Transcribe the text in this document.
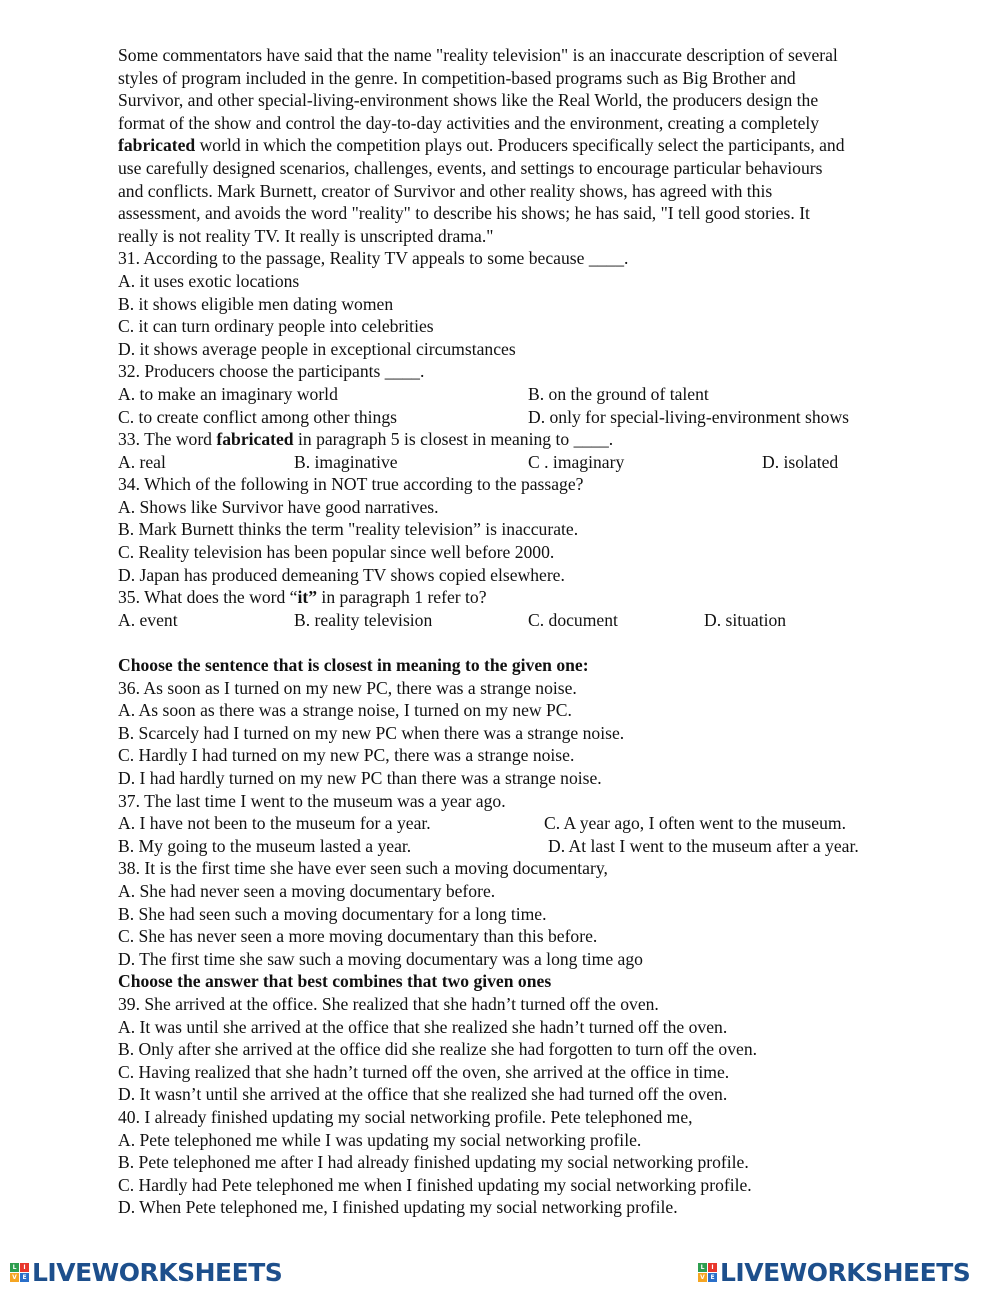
Some commentators have said that the name "reality television" is an inaccurate description of several
styles of program included in the genre. In competition-based programs such as Big Brother and
Survivor, and other special-living-environment shows like the Real World, the producers design the
format of the show and control the day-to-day activities and the environment, creating a completely
fabricated world in which the competition plays out. Producers specifically select the participants, and
use carefully designed scenarios, challenges, events, and settings to encourage particular behaviours
and conflicts. Mark Burnett, creator of Survivor and other reality shows, has agreed with this
assessment, and avoids the word "reality" to describe his shows; he has said, "I tell good stories. It
really is not reality TV. It really is unscripted drama."
31. According to the passage, Reality TV appeals to some because ____.
A. it uses exotic locations
B. it shows eligible men dating women
C. it can turn ordinary people into celebrities
D. it shows average people in exceptional circumstances
32. Producers choose the participants ____.
A. to make an imaginary world	B. on the ground of talent
C. to create conflict among other things	D. only for special-living-environment shows
33. The word fabricated in paragraph 5 is closest in meaning to ____.
A. real	B. imaginative	C . imaginary	D. isolated
34. Which of the following in NOT true according to the passage?
A. Shows like Survivor have good narratives.
B. Mark Burnett thinks the term "reality television” is inaccurate.
C. Reality television has been popular since well before 2000.
D. Japan has produced demeaning TV shows copied elsewhere.
35. What does the word “it” in paragraph 1 refer to?
A. event	B. reality television	C. document	D. situation
Choose the sentence that is closest in meaning to the given one:
36. As soon as I turned on my new PC, there was a strange noise.
A. As soon as there was a strange noise, I turned on my new PC.
B. Scarcely had I turned on my new PC when there was a strange noise.
C. Hardly I had turned on my new PC, there was a strange noise.
D. I had hardly turned on my new PC than there was a strange noise.
37. The last time I went to the museum was a year ago.
A. I have not been to the museum for a year.	C. A year ago, I often went to the museum.
B. My going to the museum lasted a year.	D. At last I went to the museum after a year.
38. It is the first time she have ever seen such a moving documentary,
A. She had never seen a moving documentary before.
B. She had seen such a moving documentary for a long time.
C. She has never seen a more moving documentary than this before.
D. The first time she saw such a moving documentary was a long time ago
Choose the answer that best combines that two given ones
39. She arrived at the office. She realized that she hadn’t turned off the oven.
A. It was until she arrived at the office that she realized she hadn’t turned off the oven.
B. Only after she arrived at the office did she realize she had forgotten to turn off the oven.
C. Having realized that she hadn’t turned off the oven, she arrived at the office in time.
D. It wasn’t until she arrived at the office that she realized she had turned off the oven.
40. I already finished updating my social networking profile. Pete telephoned me,
A. Pete telephoned me while I was updating my social networking profile.
B. Pete telephoned me after I had already finished updating my social networking profile.
C. Hardly had Pete telephoned me when I finished updating my social networking profile.
D. When Pete telephoned me, I finished updating my social networking profile.
L	I
V E LIVEWORKSHEETS	L	I
V E LIVEWORKSHEETS
